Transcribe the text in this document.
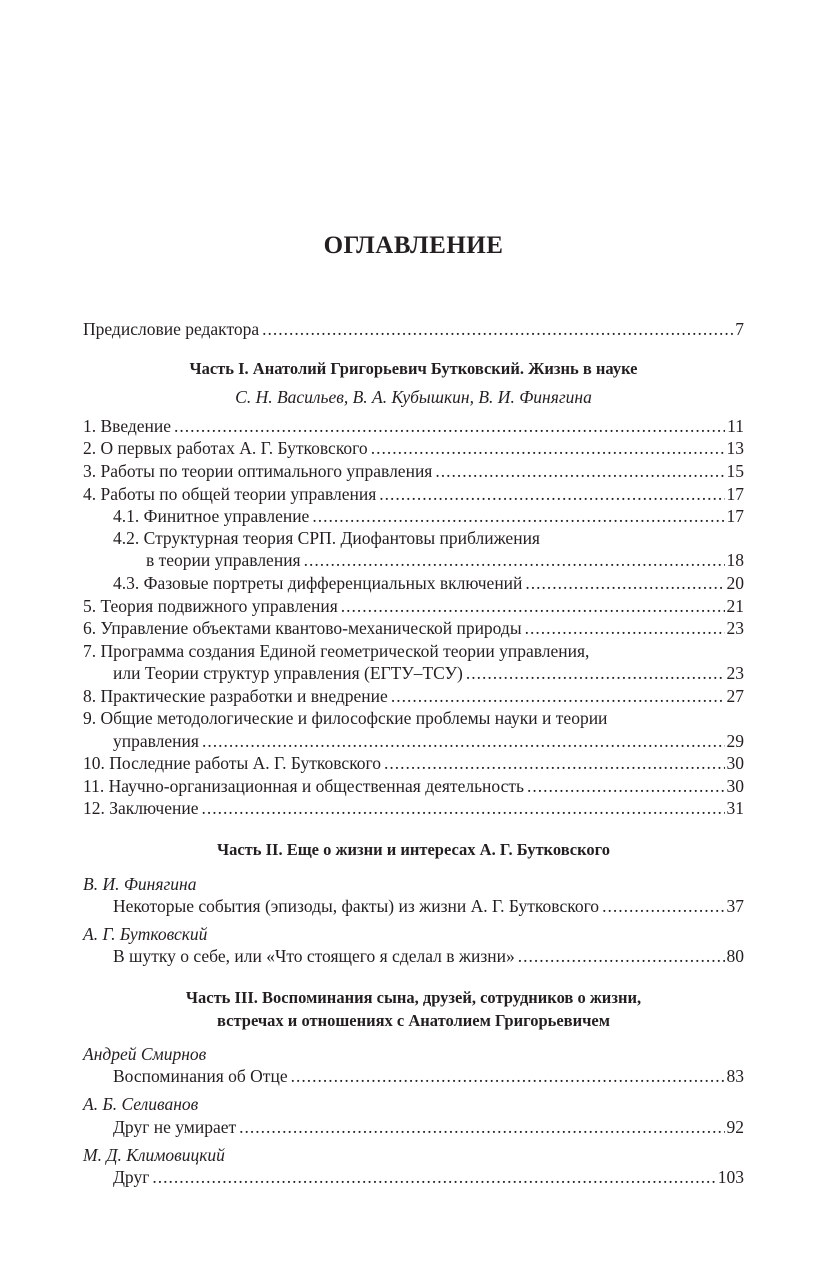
ОГЛАВЛЕНИЕ
Предисловие редактора .....	7
Часть I. Анатолий Григорьевич Бутковский. Жизнь в науке
С. Н. Васильев, В. А. Кубышкин, В. И. Финягина
1. Введение .....	11
2. О первых работах А. Г. Бутковского .....	13
3. Работы по теории оптимального управления .....	15
4. Работы по общей теории управления .....	17
4.1. Финитное управление .....	17
4.2. Структурная теория СРП. Диофантовы приближения
в теории управления .....	18
4.3. Фазовые портреты дифференциальных включений .....	20
5. Теория подвижного управления .....	21
6. Управление объектами квантово-механической природы .....	23
7. Программа создания Единой геометрической теории управления,
или Теории структур управления (ЕГТУ–ТСУ) .....	23
8. Практические разработки и внедрение .....	27
9. Общие методологические и философские проблемы науки и теории
управления .....	29
10. Последние работы А. Г. Бутковского .....	30
11. Научно-организационная и общественная деятельность .....	30
12. Заключение .....	31
Часть II. Еще о жизни и интересах А. Г. Бутковского
В. И. Финягина
Некоторые события (эпизоды, факты) из жизни А. Г. Бутковского .....	37
А. Г. Бутковский
В шутку о себе, или «Что стоящего я сделал в жизни» .....	80
Часть III. Воспоминания сына, друзей, сотрудников о жизни,
встречах и отношениях с Анатолием Григорьевичем
Андрей Смирнов
Воспоминания об Отце .....	83
А. Б. Селиванов
Друг не умирает .....	92
М. Д. Климовицкий
Друг .....	103
